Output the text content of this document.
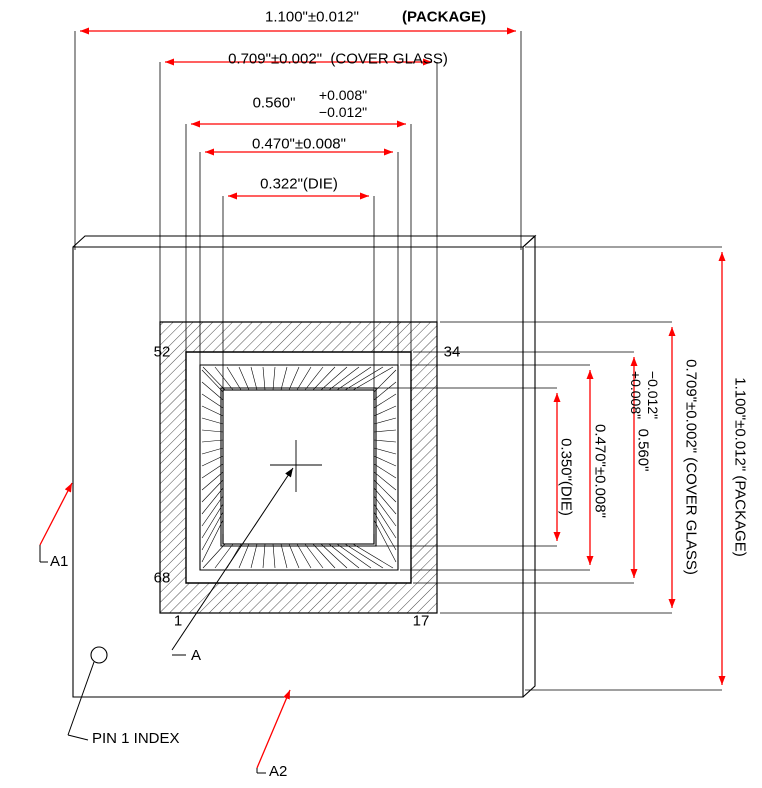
1.100"±0.012"	(PACKAGE)
0.709"±0.002" (COVER GLASS)
0.560" +0.008"
−0.012"
0.470"±0.008"
0.322"(DIE)
0.350"(DIE) 0.470"±0.008" 0.560"
+0.008" −0.012" 0.709"±0.002" (COVER GLASS) 1.100"±0.012" (PACKAGE)
52	34
68
1	17
A1
A2
A
PIN 1 INDEX
